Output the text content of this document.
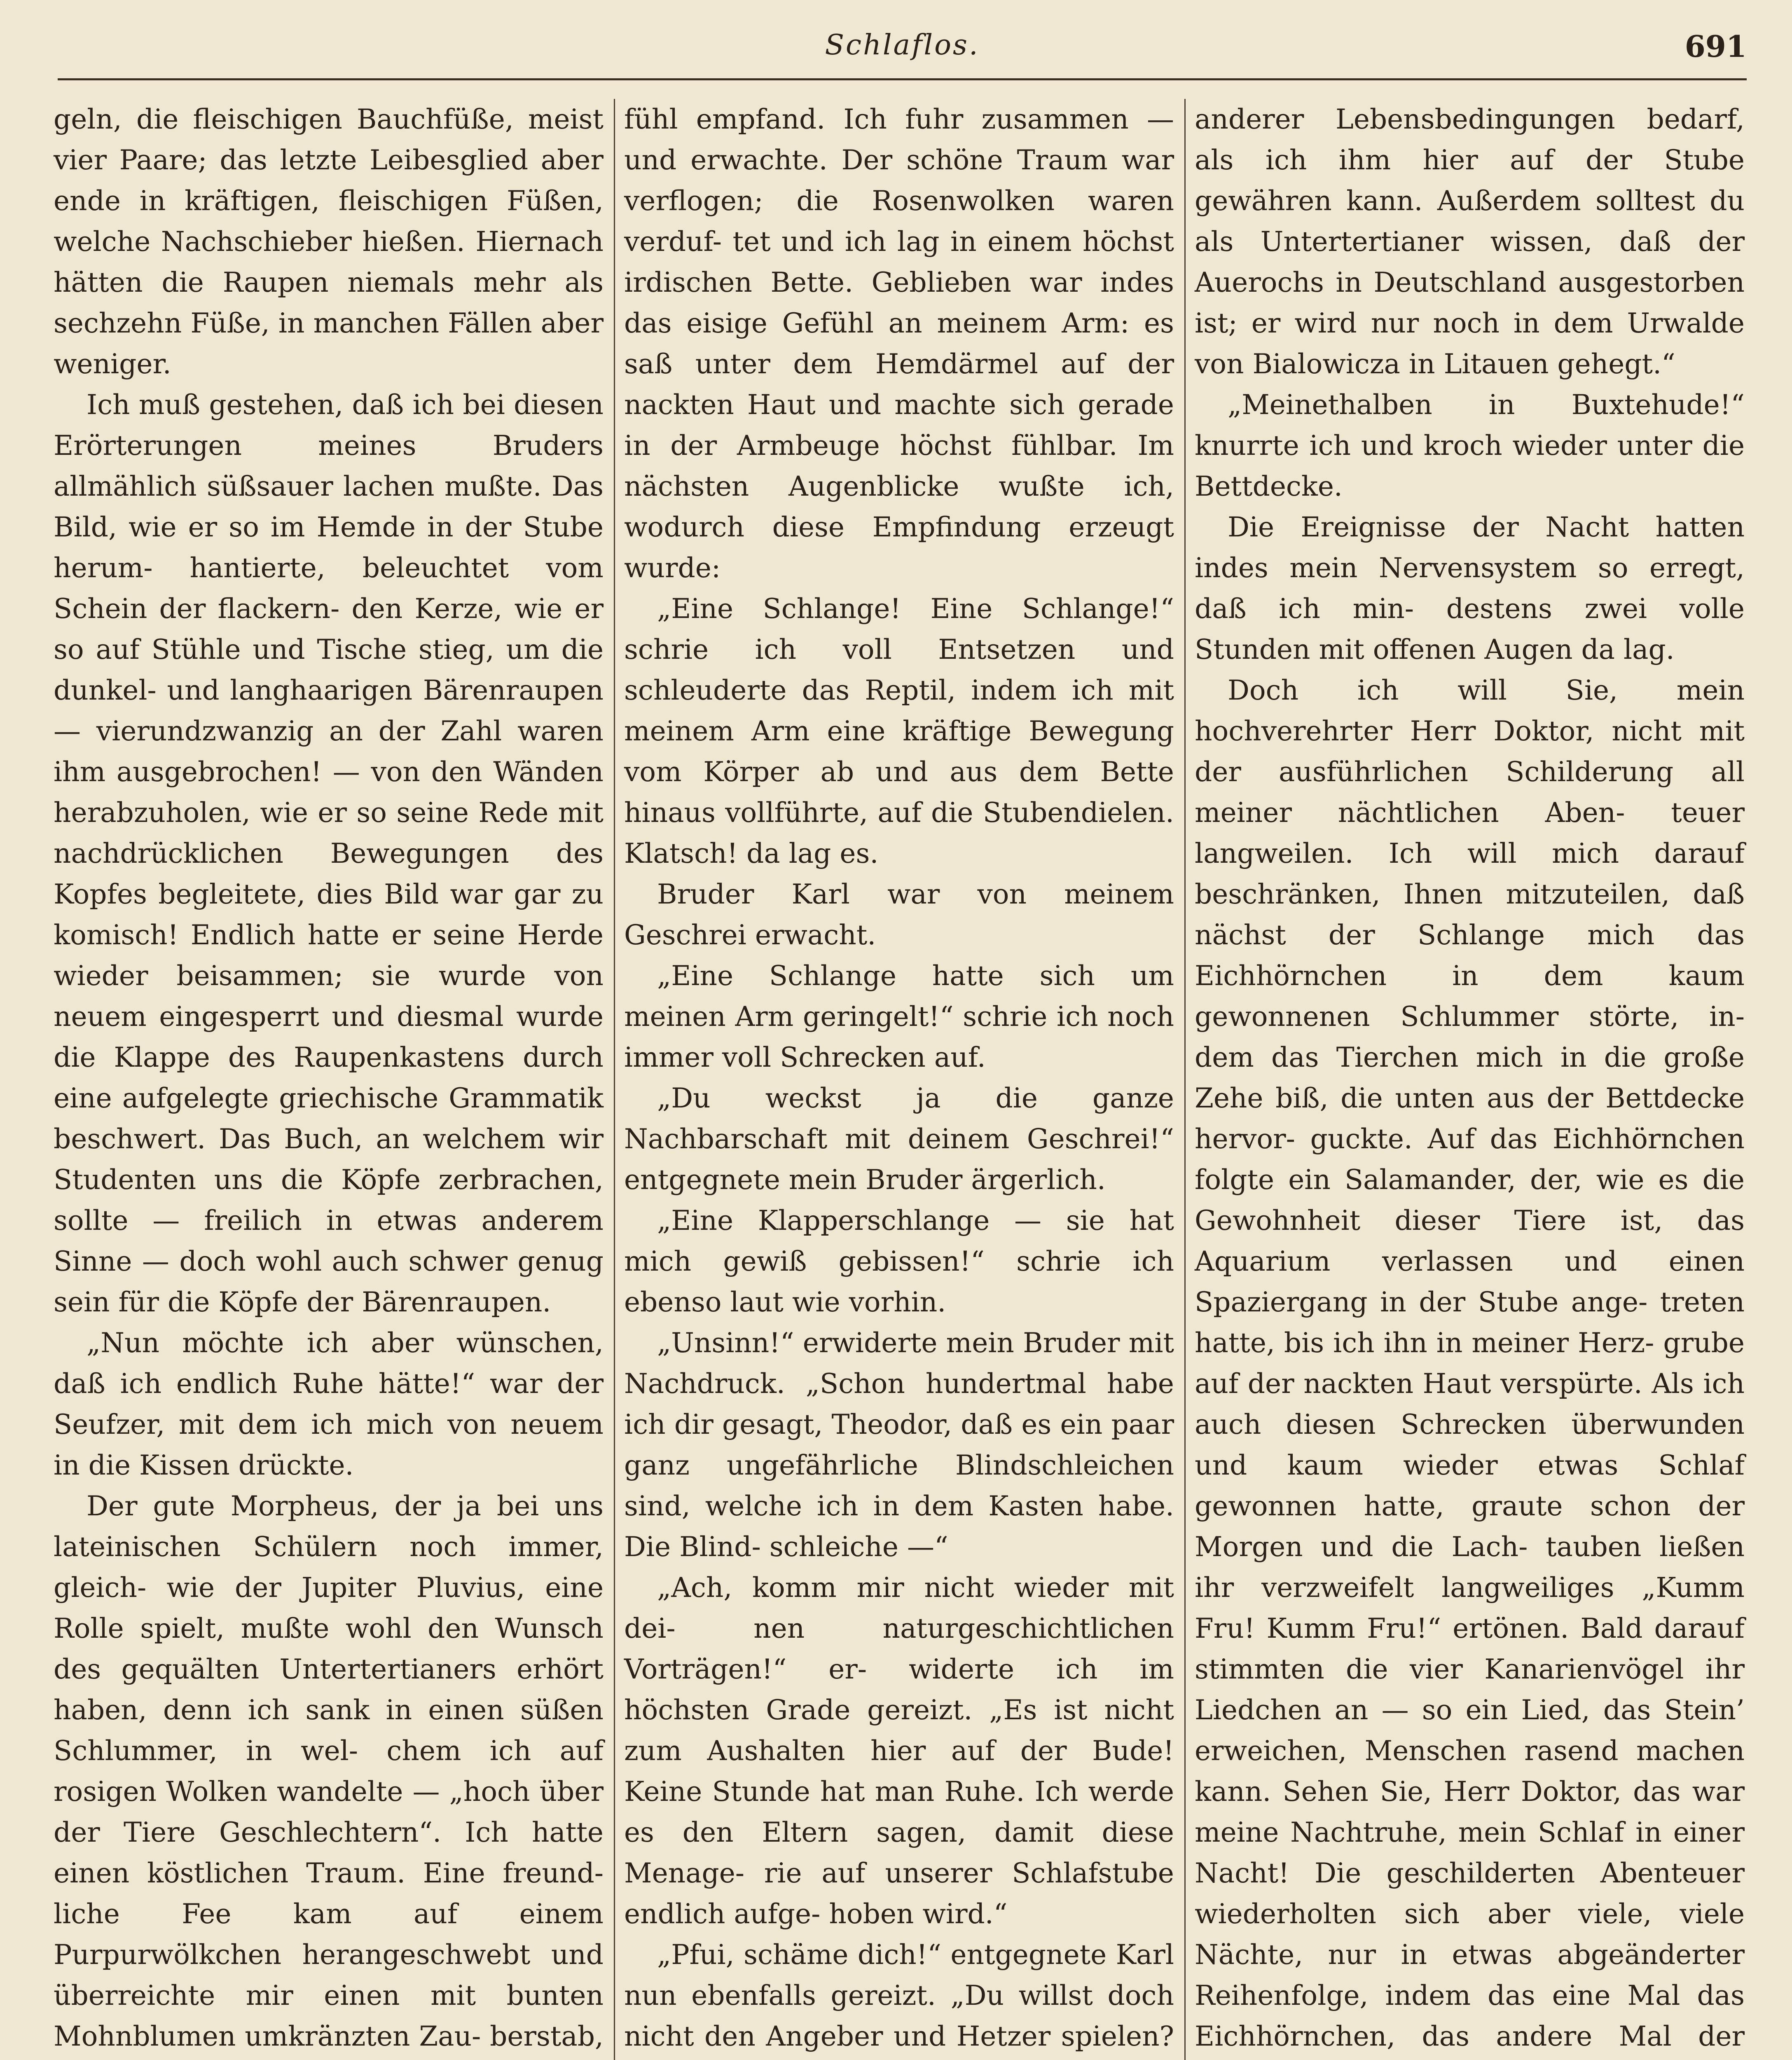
Schlaflos.	691

geln, die fleischigen Bauchfüße, meist vier Paare; das letzte Leibesglied aber ende in kräftigen, fleischigen Füßen, welche Nachschieber hießen. Hiernach hätten die Raupen niemals mehr als sechzehn Füße, in manchen Fällen aber weniger.

Ich muß gestehen, daß ich bei diesen Erörterungen meines Bruders allmählich süßsauer lachen mußte. Das Bild, wie er so im Hemde in der Stube herum- hantierte, beleuchtet vom Schein der flackern- den Kerze, wie er so auf Stühle und Tische stieg, um die dunkel- und langhaarigen Bärenraupen — vierundzwanzig an der Zahl waren ihm ausgebrochen! — von den Wänden herabzuholen, wie er so seine Rede mit nachdrücklichen Bewegungen des Kopfes begleitete, dies Bild war gar zu komisch! Endlich hatte er seine Herde wieder beisammen; sie wurde von neuem eingesperrt und diesmal wurde die Klappe des Raupenkastens durch eine aufgelegte griechische Grammatik beschwert. Das Buch, an welchem wir Studenten uns die Köpfe zerbrachen, sollte — freilich in etwas anderem Sinne — doch wohl auch schwer genug sein für die Köpfe der Bärenraupen.

„Nun möchte ich aber wünschen, daß ich endlich Ruhe hätte!“ war der Seufzer, mit dem ich mich von neuem in die Kissen drückte.

Der gute Morpheus, der ja bei uns lateinischen Schülern noch immer, gleich- wie der Jupiter Pluvius, eine Rolle spielt, mußte wohl den Wunsch des gequälten Untertertianers erhört haben, denn ich sank in einen süßen Schlummer, in wel- chem ich auf rosigen Wolken wandelte — „hoch über der Tiere Geschlechtern“. Ich hatte einen köstlichen Traum. Eine freund- liche Fee kam auf einem Purpurwölkchen herangeschwebt und überreichte mir einen mit bunten Mohnblumen umkränzten Zau- berstab,

fühl empfand. Ich fuhr zusammen — und erwachte. Der schöne Traum war verflogen; die Rosenwolken waren verduf- tet und ich lag in einem höchst irdischen Bette. Geblieben war indes das eisige Gefühl an meinem Arm: es saß unter dem Hemdärmel auf der nackten Haut und machte sich gerade in der Armbeuge höchst fühlbar. Im nächsten Augenblicke wußte ich, wodurch diese Empfindung erzeugt wurde:

„Eine Schlange! Eine Schlange!“ schrie ich voll Entsetzen und schleuderte das Reptil, indem ich mit meinem Arm eine kräftige Bewegung vom Körper ab und aus dem Bette hinaus vollführte, auf die Stubendielen. Klatsch! da lag es.

Bruder Karl war von meinem Geschrei erwacht.

„Eine Schlange hatte sich um meinen Arm geringelt!“ schrie ich noch immer voll Schrecken auf.

„Du weckst ja die ganze Nachbarschaft mit deinem Geschrei!“ entgegnete mein Bruder ärgerlich.

„Eine Klapperschlange — sie hat mich gewiß gebissen!“ schrie ich ebenso laut wie vorhin.

„Unsinn!“ erwiderte mein Bruder mit Nachdruck. „Schon hundertmal habe ich dir gesagt, Theodor, daß es ein paar ganz ungefährliche Blindschleichen sind, welche ich in dem Kasten habe. Die Blind- schleiche —“

„Ach, komm mir nicht wieder mit dei- nen naturgeschichtlichen Vorträgen!“ er- widerte ich im höchsten Grade gereizt. „Es ist nicht zum Aushalten hier auf der Bude! Keine Stunde hat man Ruhe. Ich werde es den Eltern sagen, damit diese Menage- rie auf unserer Schlafstube endlich aufge- hoben wird.“

„Pfui, schäme dich!“ entgegnete Karl nun ebenfalls gereizt. „Du willst doch nicht den Angeber und Hetzer spielen?

anderer Lebensbedingungen bedarf, als ich ihm hier auf der Stube gewähren kann. Außerdem solltest du als Untertertianer wissen, daß der Auerochs in Deutschland ausgestorben ist; er wird nur noch in dem Urwalde von Bialowicza in Litauen gehegt.“

„Meinethalben in Buxtehude!“ knurrte ich und kroch wieder unter die Bettdecke.

Die Ereignisse der Nacht hatten indes mein Nervensystem so erregt, daß ich min- destens zwei volle Stunden mit offenen Augen da lag.

Doch ich will Sie, mein hochverehrter Herr Doktor, nicht mit der ausführlichen Schilderung all meiner nächtlichen Aben- teuer langweilen. Ich will mich darauf beschränken, Ihnen mitzuteilen, daß nächst der Schlange mich das Eichhörnchen in dem kaum gewonnenen Schlummer störte, in- dem das Tierchen mich in die große Zehe biß, die unten aus der Bettdecke hervor- guckte. Auf das Eichhörnchen folgte ein Salamander, der, wie es die Gewohnheit dieser Tiere ist, das Aquarium verlassen und einen Spaziergang in der Stube ange- treten hatte, bis ich ihn in meiner Herz- grube auf der nackten Haut verspürte. Als ich auch diesen Schrecken überwunden und kaum wieder etwas Schlaf gewonnen hatte, graute schon der Morgen und die Lach- tauben ließen ihr verzweifelt langweiliges „Kumm Fru! Kumm Fru!“ ertönen. Bald darauf stimmten die vier Kanarienvögel ihr Liedchen an — so ein Lied, das Stein’ erweichen, Menschen rasend machen kann. Sehen Sie, Herr Doktor, das war meine Nachtruhe, mein Schlaf in einer Nacht! Die geschilderten Abenteuer wiederholten sich aber viele, viele Nächte, nur in etwas abgeänderter Reihenfolge, indem das eine Mal das Eichhörnchen, das andere Mal der
